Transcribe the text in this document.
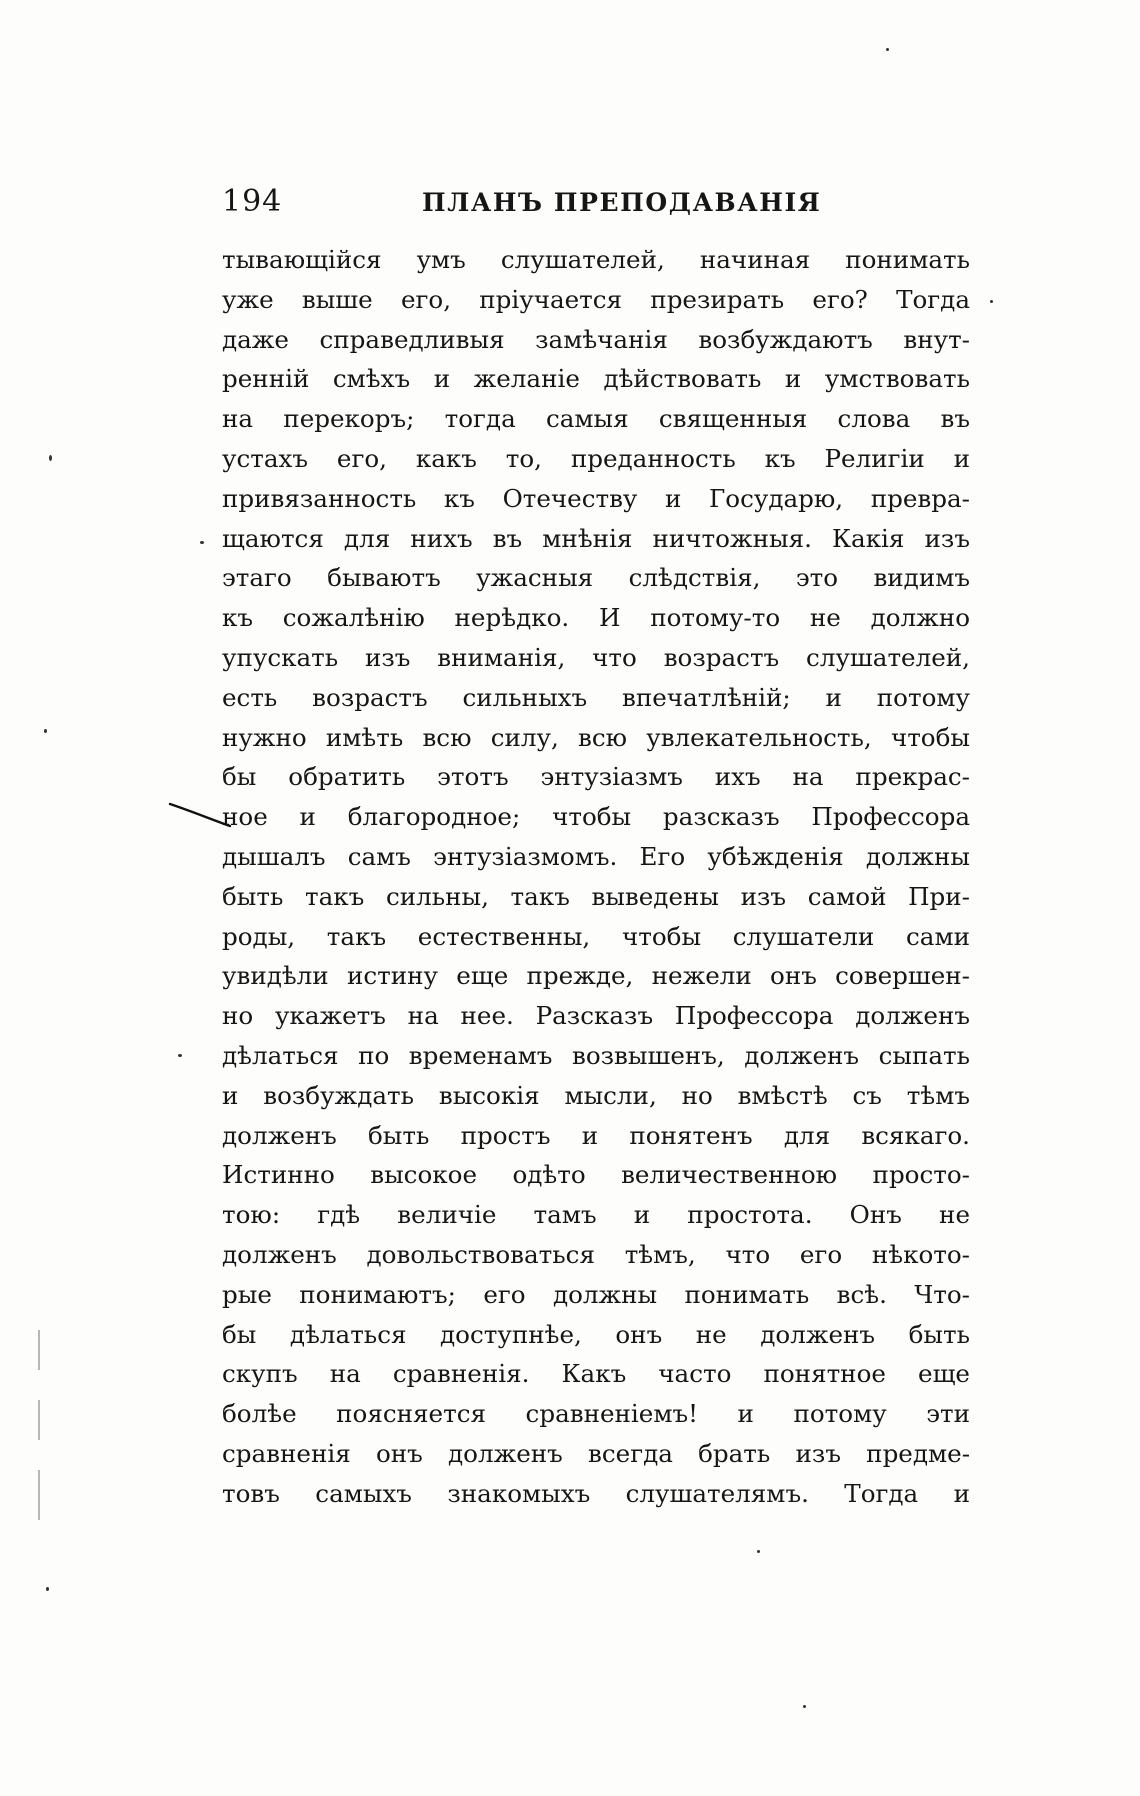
194	ПЛАНЪ ПРЕПОДАВАНІЯ
тывающійся умъ слушателей, начиная понимать
уже выше его, пріучается презирать его? Тогда
даже справедливыя замѣчанія возбуждаютъ внут-
ренній смѣхъ и желаніе дѣйствовать и умствовать
на перекоръ; тогда самыя священныя слова въ
устахъ его, какъ то, преданность къ Религіи и
привязанность къ Отечеству и Государю, превра-
щаются для нихъ въ мнѣнія ничтожныя. Какія изъ
этаго бываютъ ужасныя слѣдствія, это видимъ
къ сожалѣнію нерѣдко. И потому-то не должно
упускать изъ вниманія, что возрастъ слушателей,
есть возрастъ сильныхъ впечатлѣній; и потому
нужно имѣть всю силу, всю увлекательность, чтобы
бы обратить этотъ энтузіазмъ ихъ на прекрас-
ное и благородное; чтобы разсказъ Профессора
дышалъ самъ энтузіазмомъ. Его убѣжденія должны
быть такъ сильны, такъ выведены изъ самой При-
роды, такъ естественны, чтобы слушатели сами
увидѣли истину еще прежде, нежели онъ совершен-
но укажетъ на нее. Разсказъ Профессора долженъ
дѣлаться по временамъ возвышенъ, долженъ сыпать
и возбуждать высокія мысли, но вмѣстѣ съ тѣмъ
долженъ быть простъ и понятенъ для всякаго.
Истинно высокое одѣто величественною просто-
тою: гдѣ величіе тамъ и простота. Онъ не
долженъ довольствоваться тѣмъ, что его нѣкото-
рые понимаютъ; его должны понимать всѣ. Что-
бы дѣлаться доступнѣе, онъ не долженъ быть
скупъ на сравненія. Какъ часто понятное еще
болѣе поясняется сравненіемъ! и потому эти
сравненія онъ долженъ всегда брать изъ предме-
товъ самыхъ знакомыхъ слушателямъ. Тогда и
